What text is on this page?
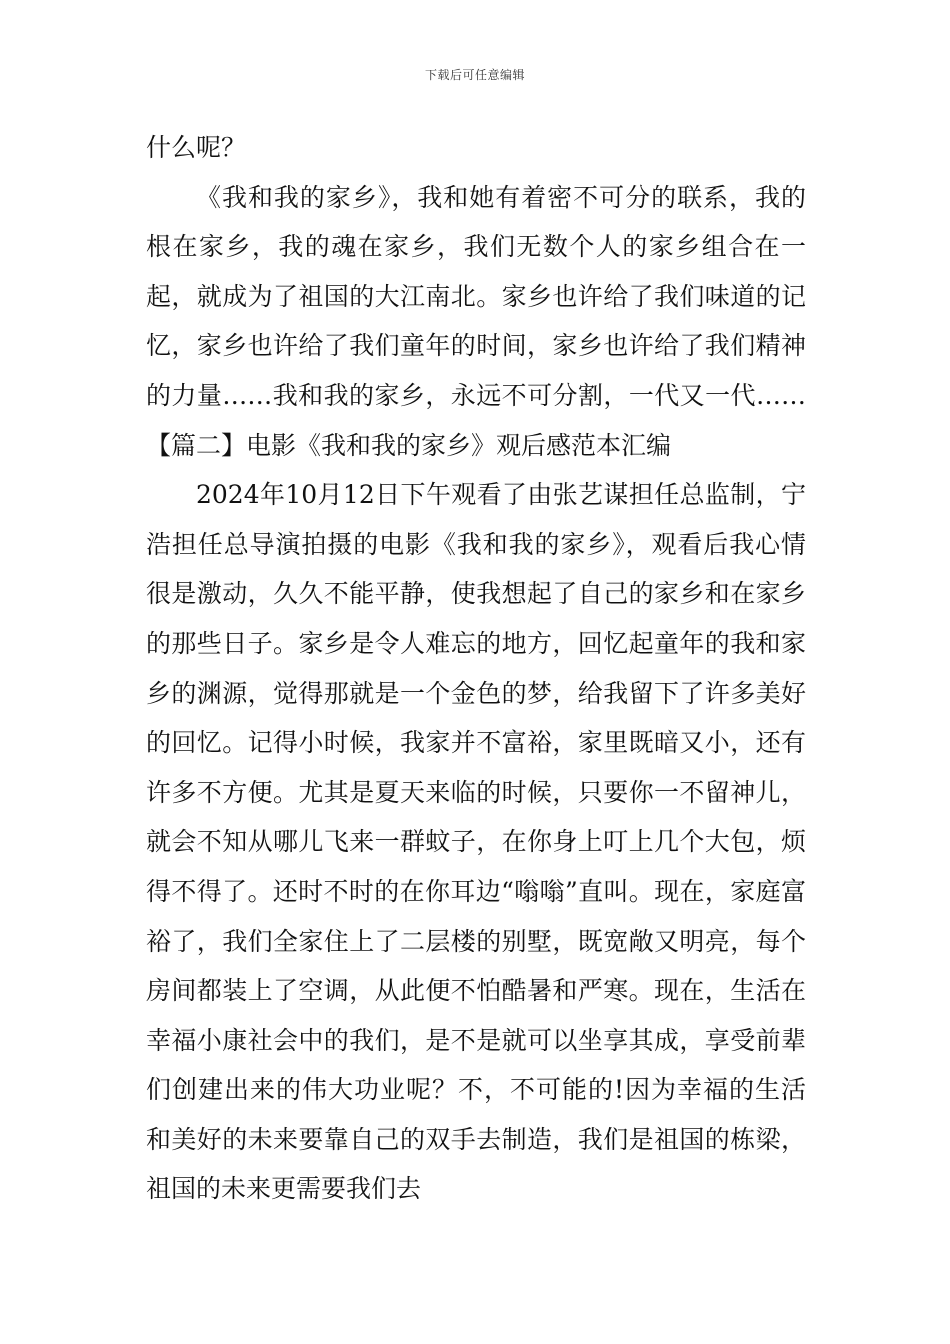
下载后可任意编辑

什么呢？

《我和我的家乡》，我和她有着密不可分的联系，我的根在家乡，我的魂在家乡，我们无数个人的家乡组合在一起，就成为了祖国的大江南北。家乡也许给了我们味道的记忆，家乡也许给了我们童年的时间，家乡也许给了我们精神的力量……我和我的家乡，永远不可分割，一代又一代……【篇二】电影《我和我的家乡》观后感范本汇编

2024年10月12日下午观看了由张艺谋担任总监制，宁浩担任总导演拍摄的电影《我和我的家乡》，观看后我心情很是激动，久久不能平静，使我想起了自己的家乡和在家乡的那些日子。家乡是令人难忘的地方，回忆起童年的我和家乡的渊源，觉得那就是一个金色的梦，给我留下了许多美好的回忆。记得小时候，我家并不富裕，家里既暗又小，还有许多不方便。尤其是夏天来临的时候，只要你一不留神儿，就会不知从哪儿飞来一群蚊子，在你身上叮上几个大包，烦得不得了。还时不时的在你耳边“嗡嗡”直叫。现在，家庭富裕了，我们全家住上了二层楼的别墅，既宽敞又明亮，每个房间都装上了空调，从此便不怕酷暑和严寒。现在，生活在幸福小康社会中的我们，是不是就可以坐享其成，享受前辈们创建出来的伟大功业呢？不，不可能的!因为幸福的生活和美好的未来要靠自己的双手去制造，我们是祖国的栋梁，祖国的未来更需要我们去
